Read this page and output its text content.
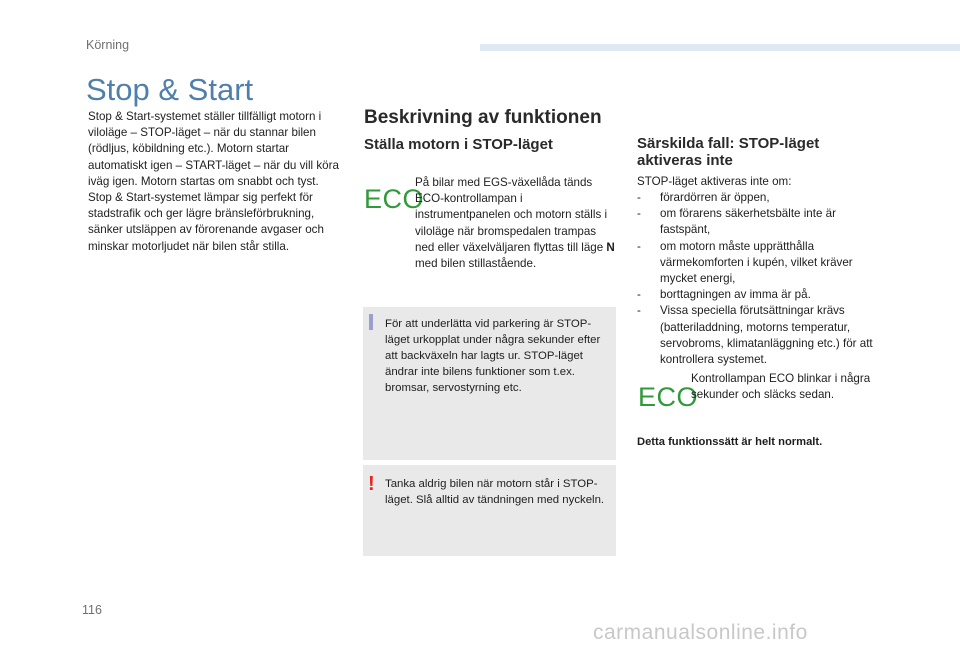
Körning
Stop & Start

Stop & Start-systemet ställer tillfälligt motorn i viloläge – STOP-läget – när du stannar bilen (rödljus, köbildning etc.). Motorn startar automatiskt igen – START-läget – när du vill köra iväg igen. Motorn startas om snabbt och tyst.

Stop & Start-systemet lämpar sig perfekt för stadstrafik och ger lägre bränsleförbrukning, sänker utsläppen av förorenande avgaser och minskar motorljudet när bilen står stilla.

Beskrivning av funktionen
Ställa motorn i STOP-läget	Särskilda fall: STOP-läget aktiveras inte
ECO
På bilar med EGS-växellåda tänds ECO-kontrollampan i instrumentpanelen och motorn ställs i viloläge när bromspedalen trampas ned eller växelväljaren flyttas till läge N med bilen stillastående.
För att underlätta vid parkering är STOP-läget urkopplat under några sekunder efter att backväxeln har lagts ur. STOP-läget ändrar inte bilens funktioner som t.ex. bromsar, servostyrning etc.
! Tanka aldrig bilen när motorn står i STOP-läget. Slå alltid av tändningen med nyckeln.
STOP-läget aktiveras inte om:
- förardörren är öppen,
- om förarens säkerhetsbälte inte är fastspänt,
- om motorn måste upprätthålla värmekomforten i kupén, vilket kräver mycket energi,
- borttagningen av imma är på.
- Vissa speciella förutsättningar krävs (batteriladdning, motorns temperatur, servobroms, klimatanläggning etc.) för att kontrollera systemet.
ECO
Kontrollampan ECO blinkar i några sekunder och släcks sedan.
Detta funktionssätt är helt normalt.
116
carmanualsonline.info
